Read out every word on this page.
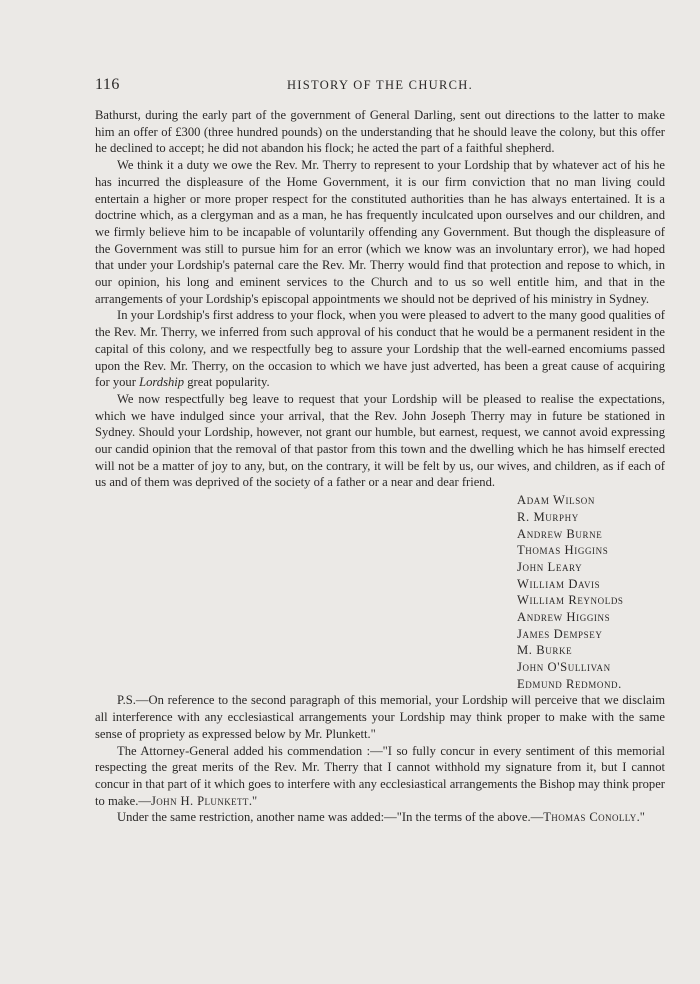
116	HISTORY OF THE CHURCH.

Bathurst, during the early part of the government of General Darling, sent out directions to the latter to make him an offer of £300 (three hundred pounds) on the understanding that he should leave the colony, but this offer he declined to accept; he did not abandon his flock; he acted the part of a faithful shepherd.

We think it a duty we owe the Rev. Mr. Therry to represent to your Lordship that by whatever act of his he has incurred the displeasure of the Home Government, it is our firm conviction that no man living could entertain a higher or more proper respect for the constituted authorities than he has always entertained. It is a doctrine which, as a clergyman and as a man, he has frequently inculcated upon ourselves and our children, and we firmly believe him to be incapable of voluntarily offending any Government. But though the displeasure of the Government was still to pursue him for an error (which we know was an involuntary error), we had hoped that under your Lordship's paternal care the Rev. Mr. Therry would find that protection and repose to which, in our opinion, his long and eminent services to the Church and to us so well entitle him, and that in the arrangements of your Lordship's episcopal appointments we should not be deprived of his ministry in Sydney.

In your Lordship's first address to your flock, when you were pleased to advert to the many good qualities of the Rev. Mr. Therry, we inferred from such approval of his conduct that he would be a permanent resident in the capital of this colony, and we respectfully beg to assure your Lordship that the well-earned encomiums passed upon the Rev. Mr. Therry, on the occasion to which we have just adverted, has been a great cause of acquiring for your Lordship great popularity.

We now respectfully beg leave to request that your Lordship will be pleased to realise the expectations, which we have indulged since your arrival, that the Rev. John Joseph Therry may in future be stationed in Sydney. Should your Lordship, however, not grant our humble, but earnest, request, we cannot avoid expressing our candid opinion that the removal of that pastor from this town and the dwelling which he has himself erected will not be a matter of joy to any, but, on the contrary, it will be felt by us, our wives, and children, as if each of us and of them was deprived of the society of a father or a near and dear friend.

Adam Wilson
R. Murphy
Andrew Burne
Thomas Higgins
John Leary
William Davis
William Reynolds
Andrew Higgins
James Dempsey
M. Burke
John O'Sullivan
Edmund Redmond.

P.S.—On reference to the second paragraph of this memorial, your Lordship will perceive that we disclaim all interference with any ecclesiastical arrangements your Lordship may think proper to make with the same sense of propriety as expressed below by Mr. Plunkett."

The Attorney-General added his commendation :—"I so fully concur in every sentiment of this memorial respecting the great merits of the Rev. Mr. Therry that I cannot withhold my signature from it, but I cannot concur in that part of it which goes to interfere with any ecclesiastical arrangements the Bishop may think proper to make.—John H. Plunkett."

Under the same restriction, another name was added:—"In the terms of the above.—Thomas Conolly."
